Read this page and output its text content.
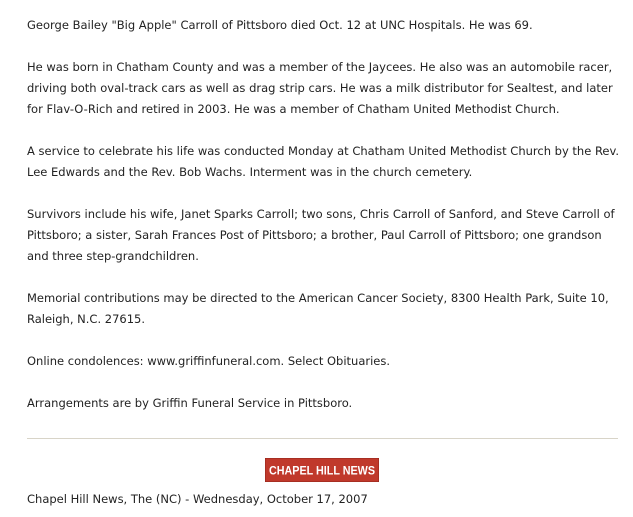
George Bailey "Big Apple" Carroll of Pittsboro died Oct. 12 at UNC Hospitals. He was 69.

He was born in Chatham County and was a member of the Jaycees. He also was an automobile racer, driving both oval-track cars as well as drag strip cars. He was a milk distributor for Sealtest, and later for Flav-O-Rich and retired in 2003. He was a member of Chatham United Methodist Church.

A service to celebrate his life was conducted Monday at Chatham United Methodist Church by the Rev. Lee Edwards and the Rev. Bob Wachs. Interment was in the church cemetery.

Survivors include his wife, Janet Sparks Carroll; two sons, Chris Carroll of Sanford, and Steve Carroll of Pittsboro; a sister, Sarah Frances Post of Pittsboro; a brother, Paul Carroll of Pittsboro; one grandson and three step-grandchildren.

Memorial contributions may be directed to the American Cancer Society, 8300 Health Park, Suite 10, Raleigh, N.C. 27615.

Online condolences: www.griffinfuneral.com. Select Obituaries.

Arrangements are by Griffin Funeral Service in Pittsboro.

CHAPEL HILL NEWS
Chapel Hill News, The (NC) - Wednesday, October 17, 2007
